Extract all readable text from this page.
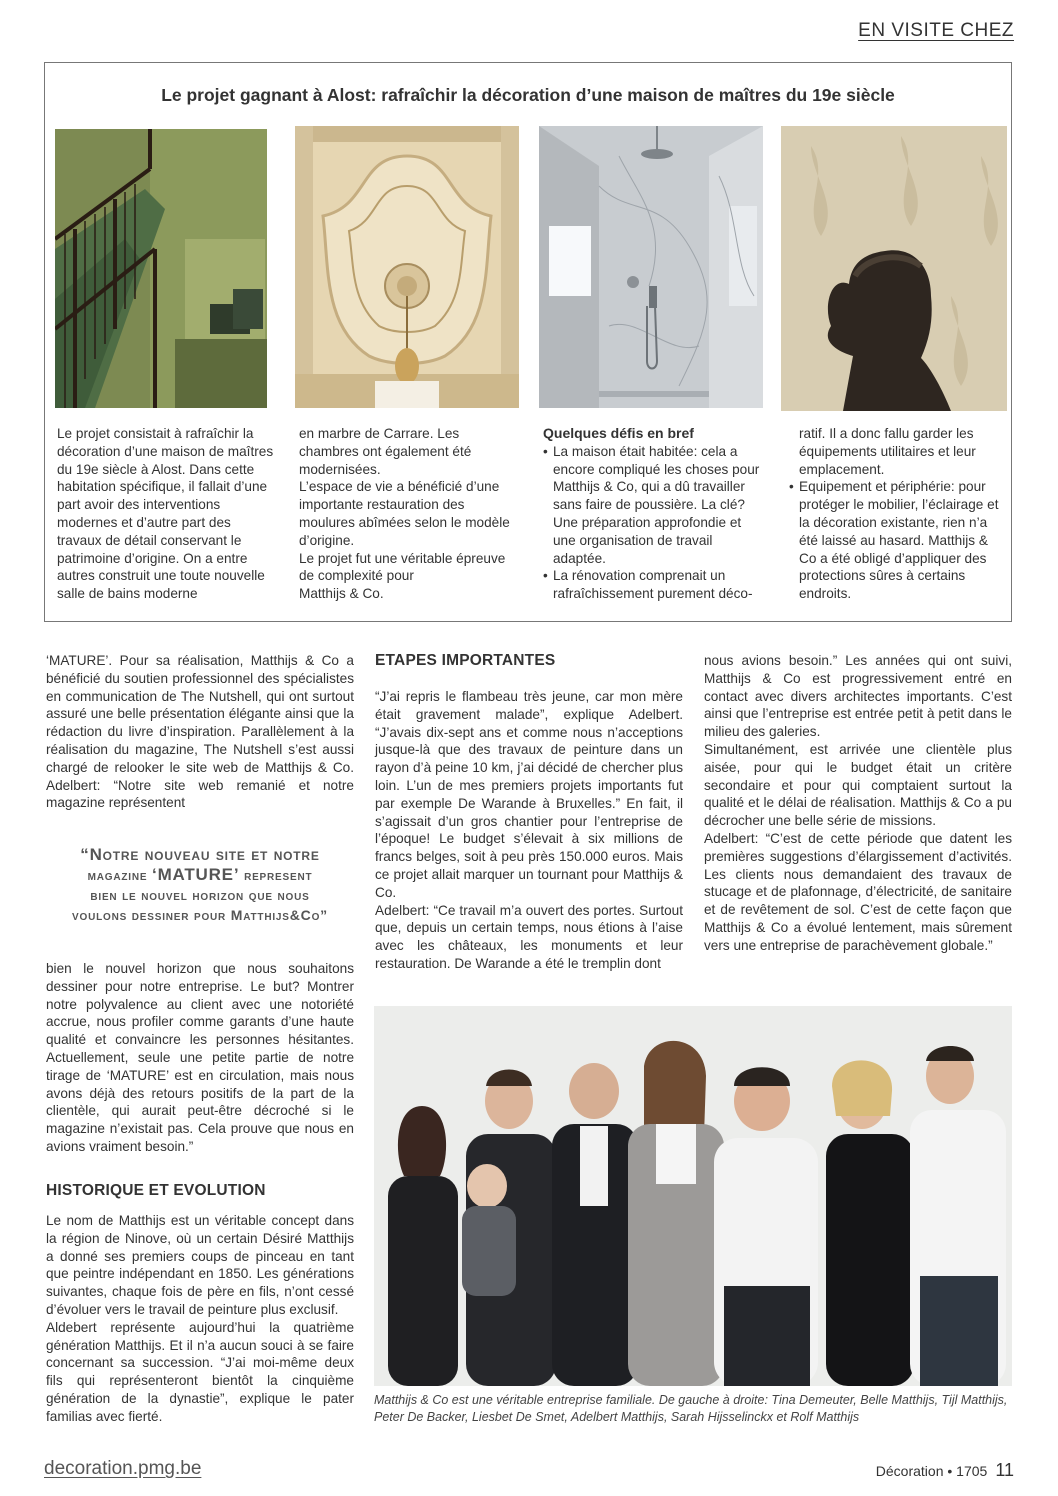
EN VISITE CHEZ
Le projet gagnant à Alost: rafraîchir la décoration d’une maison de maîtres du 19e siècle
Le projet consistait à rafraîchir la décoration d’une maison de maîtres du 19e siècle à Alost. Dans cette habitation spécifique, il fallait d’une part avoir des interventions modernes et d’autre part des travaux de détail conservant le patrimoine d’origine. On a entre autres construit une toute nouvelle salle de bains moderne
en marbre de Carrare. Les chambres ont également été modernisées.
L’espace de vie a bénéficié d’une importante restauration des moulures abîmées selon le modèle d’origine.
Le projet fut une véritable épreuve de complexité pour
Matthijs & Co.
Quelques défis en bref
• La maison était habitée: cela a encore compliqué les choses pour Matthijs & Co, qui a dû travailler sans faire de poussière. La clé? Une préparation approfondie et une organisation de travail adaptée.
• La rénovation comprenait un rafraîchissement purement déco-
ratif. Il a donc fallu garder les équipements utilitaires et leur emplacement.
• Equipement et périphérie: pour protéger le mobilier, l’éclairage et la décoration existante, rien n’a été laissé au hasard. Matthijs & Co a été obligé d’appliquer des protections sûres à certains endroits.
‘MATURE’. Pour sa réalisation, Matthijs & Co a bénéficié du soutien professionnel des spécialistes en communication de The Nutshell, qui ont surtout assuré une belle présentation élégante ainsi que la rédaction du livre d’inspiration. Parallèlement à la réalisation du magazine, The Nutshell s’est aussi chargé de relooker le site web de Matthijs & Co. Adelbert: “Notre site web remanié et notre magazine représentent
“Notre nouveau site et notre
magazine ‘MATURE’ represent
bien le nouvel horizon que nous
voulons dessiner pour Matthijs&Co”
bien le nouvel horizon que nous souhaitons dessiner pour notre entreprise. Le but? Montrer notre polyvalence au client avec une notoriété accrue, nous profiler comme garants d’une haute qualité et convaincre les personnes hésitantes. Actuellement, seule une petite partie de notre tirage de ‘MATURE’ est en circulation, mais nous avons déjà des retours positifs de la part de la clientèle, qui aurait peut-être décroché si le magazine n’existait pas. Cela prouve que nous en avions vraiment besoin.”
HISTORIQUE ET EVOLUTION

Le nom de Matthijs est un véritable concept dans la région de Ninove, où un certain Désiré Matthijs a donné ses premiers coups de pinceau en tant que peintre indépendant en 1850. Les générations suivantes, chaque fois de père en fils, n’ont cessé d’évoluer vers le travail de peinture plus exclusif.

Aldebert représente aujourd’hui la quatrième génération Matthijs. Et il n’a aucun souci à se faire concernant sa succession. “J’ai moi-même deux fils qui représenteront bientôt la cinquième génération de la dynastie”, explique le pater familias avec fierté.

ETAPES IMPORTANTES

“J’ai repris le flambeau très jeune, car mon mère était gravement malade”, explique Adelbert. “J’avais dix-sept ans et comme nous n’acceptions jusque-là que des travaux de peinture dans un rayon d’à peine 10 km, j’ai décidé de chercher plus loin. L’un de mes premiers projets importants fut par exemple De Warande à Bruxelles.” En fait, il s’agissait d’un gros chantier pour l’entreprise de l’époque! Le budget s’élevait à six millions de francs belges, soit à peu près 150.000 euros. Mais ce projet allait marquer un tournant pour Matthijs & Co.

Adelbert: “Ce travail m’a ouvert des portes. Surtout que, depuis un certain temps, nous étions à l’aise avec les châteaux, les monuments et leur restauration. De Warande a été le tremplin dont

nous avions besoin.” Les années qui ont suivi, Matthijs & Co est progressivement entré en contact avec divers architectes importants. C’est ainsi que l’entreprise est entrée petit à petit dans le milieu des galeries.

Simultanément, est arrivée une clientèle plus aisée, pour qui le budget était un critère secondaire et pour qui comptaient surtout la qualité et le délai de réalisation. Matthijs & Co a pu décrocher une belle série de missions.

Adelbert: “C’est de cette période que datent les premières suggestions d’élargissement d’activités. Les clients nous demandaient des travaux de stucage et de plafonnage, d’électricité, de sanitaire et de revêtement de sol. C’est de cette façon que Matthijs & Co a évolué lentement, mais sûrement vers une entreprise de parachèvement globale.”

Matthijs & Co est une véritable entreprise familiale. De gauche à droite: Tina Demeuter, Belle Matthijs, Tijl Matthijs, Peter De Backer, Liesbet De Smet, Adelbert Matthijs, Sarah Hijsselinckx et Rolf Matthijs
decoration.pmg.be	Décoration • 1705 11
